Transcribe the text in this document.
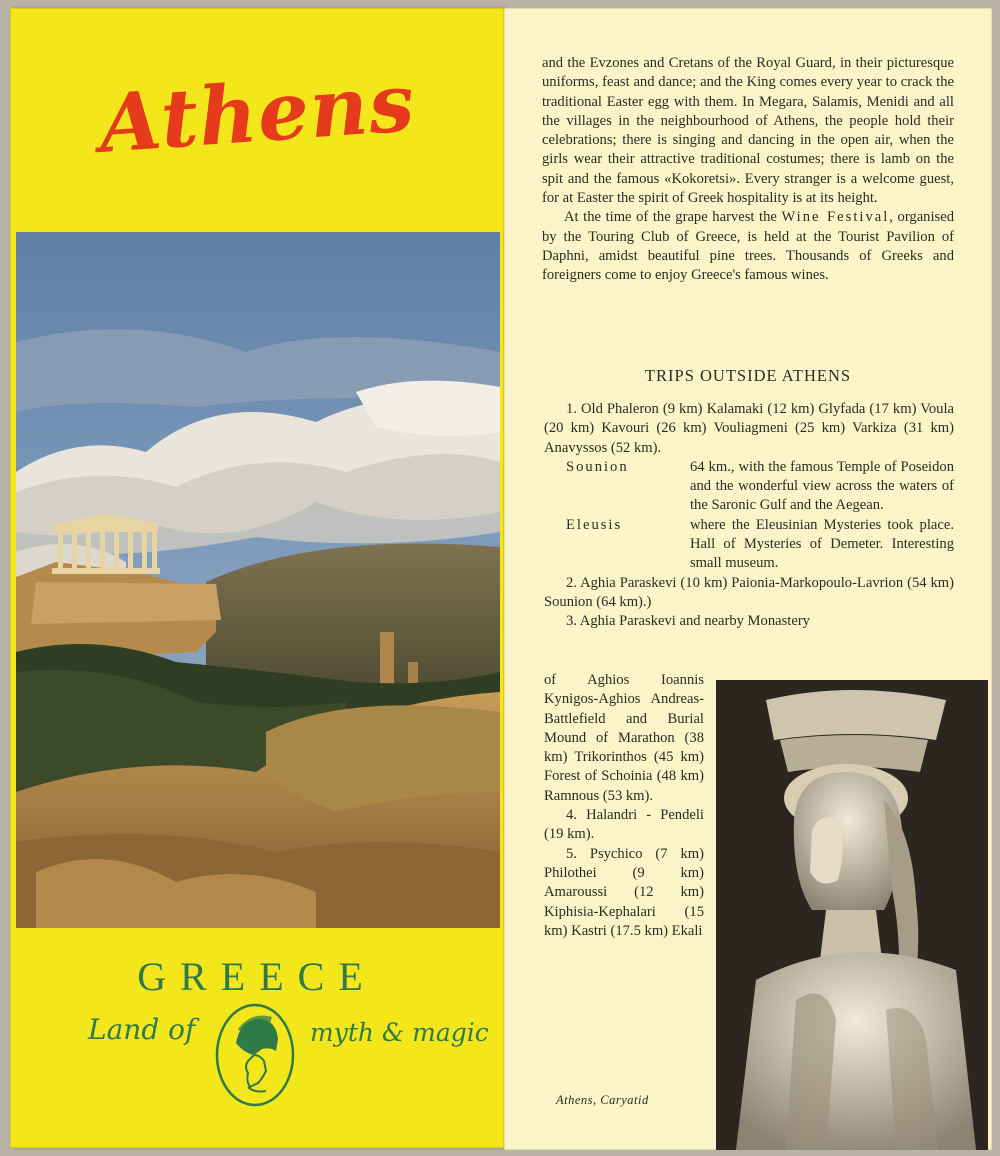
Athens
GREECE
Land of	myth & magic

and the Evzones and Cretans of the Royal Guard, in their picturesque uniforms, feast and dance; and the King comes every year to crack the traditional Easter egg with them. In Megara, Salamis, Menidi and all the villages in the neighbourhood of Athens, the people hold their celebrations; there is singing and dancing in the open air, when the girls wear their attractive traditional costumes; there is lamb on the spit and the famous «Kokoretsi». Every stranger is a welcome guest, for at Easter the spirit of Greek hospitality is at its height.

At the time of the grape harvest the Wine Festival, organised by the Touring Club of Greece, is held at the Tourist Pavilion of Daphni, amidst beautiful pine trees. Thousands of Greeks and foreigners come to enjoy Greece's famous wines.

TRIPS OUTSIDE ATHENS

1. Old Phaleron (9 km) Kalamaki (12 km) Glyfada (17 km) Voula (20 km) Kavouri (26 km) Vouliagmeni (25 km) Varkiza (31 km) Anavyssos (52 km).

Sounion	64 km., with the famous Temple of Poseidon and the wonderful view across the waters of the Saronic Gulf and the Aegean.
Eleusis	where the Eleusinian Mysteries took place. Hall of Mysteries of Demeter. Interesting small museum.

2. Aghia Paraskevi (10 km) Paionia-Markopoulo-Lavrion (54 km) Sounion (64 km).)

3. Aghia Paraskevi and nearby Monastery

of Aghios Ioannis Kynigos-Aghios Andreas-Battlefield and Burial Mound of Marathon (38 km) Trikorinthos (45 km) Forest of Schoinia (48 km) Ramnous (53 km).

4. Halandri - Pendeli (19 km).

5. Psychico (7 km) Philothei (9 km) Amaroussi (12 km) Kiphisia-Kephalari (15 km) Kastri (17.5 km) Ekali

Athens, Caryatid
